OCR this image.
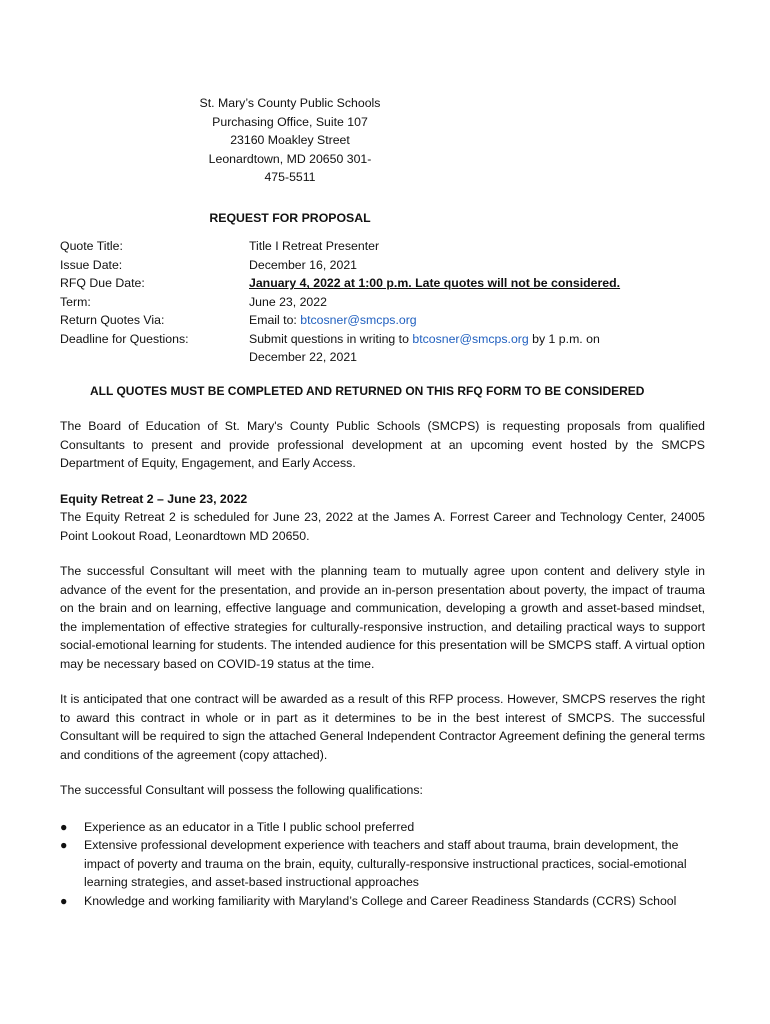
St. Mary’s County Public Schools
Purchasing Office, Suite 107
23160 Moakley Street
Leonardtown, MD 20650 301-
475-5511
REQUEST FOR PROPOSAL
Quote Title:	Title I Retreat Presenter
Issue Date:	December 16, 2021
RFQ Due Date:	January 4, 2022 at 1:00 p.m. Late quotes will not be considered.
Term:	June 23, 2022
Return Quotes Via:	Email to: btcosner@smcps.org
Deadline for Questions:	Submit questions in writing to btcosner@smcps.org by 1 p.m. on
December 22, 2021
ALL QUOTES MUST BE COMPLETED AND RETURNED ON THIS RFQ FORM TO BE CONSIDERED

The Board of Education of St. Mary's County Public Schools (SMCPS) is requesting proposals from qualified Consultants to present and provide professional development at an upcoming event hosted by the SMCPS Department of Equity, Engagement, and Early Access.

Equity Retreat 2 – June 23, 2022

The Equity Retreat 2 is scheduled for June 23, 2022 at the James A. Forrest Career and Technology Center, 24005 Point Lookout Road, Leonardtown MD 20650.

The successful Consultant will meet with the planning team to mutually agree upon content and delivery style in advance of the event for the presentation, and provide an in-person presentation about poverty, the impact of trauma on the brain and on learning, effective language and communication, developing a growth and asset-based mindset, the implementation of effective strategies for culturally-responsive instruction, and detailing practical ways to support social-emotional learning for students. The intended audience for this presentation will be SMCPS staff. A virtual option may be necessary based on COVID-19 status at the time.

It is anticipated that one contract will be awarded as a result of this RFP process. However, SMCPS reserves the right to award this contract in whole or in part as it determines to be in the best interest of SMCPS. The successful Consultant will be required to sign the attached General Independent Contractor Agreement defining the general terms and conditions of the agreement (copy attached).

The successful Consultant will possess the following qualifications:

● Experience as an educator in a Title I public school preferred
● Extensive professional development experience with teachers and staff about trauma, brain development, the impact of poverty and trauma on the brain, equity, culturally-responsive instructional practices, social-emotional learning strategies, and asset-based instructional approaches
● Knowledge and working familiarity with Maryland’s College and Career Readiness Standards (CCRS) School
